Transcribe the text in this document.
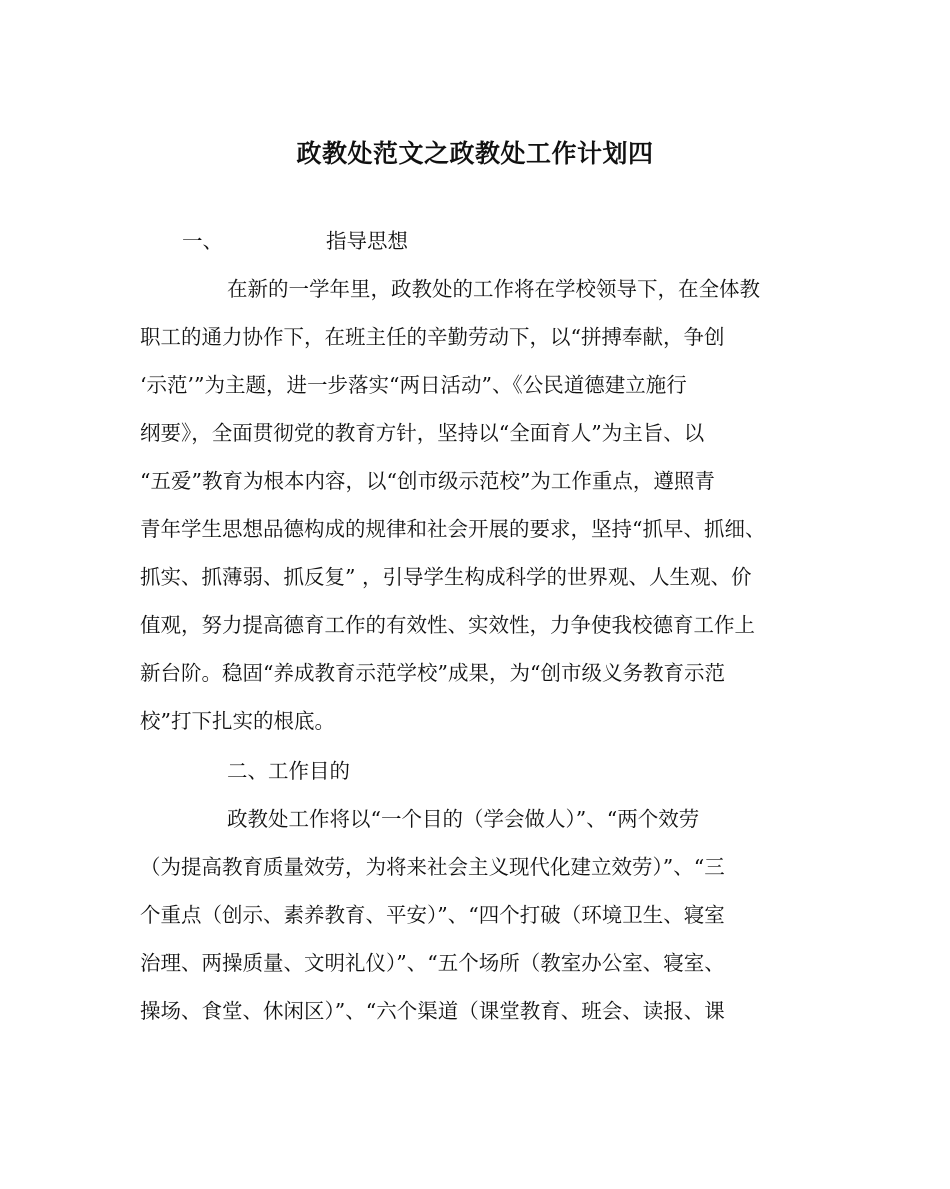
政教处范文之政教处工作计划四

一、	指导思想

在新的一学年里，政教处的工作将在学校领导下，在全体教

职工的通力协作下，在班主任的辛勤劳动下，以“拼搏奉献，争创

‘示范’”为主题，进一步落实“两日活动”、《公民道德建立施行

纲要》，全面贯彻党的教育方针，坚持以“全面育人”为主旨、以

“五爱”教育为根本内容，以“创市级示范校”为工作重点，遵照青

青年学生思想品德构成的规律和社会开展的要求，坚持“抓早、抓细、

抓实、抓薄弱、抓反复” ，引导学生构成科学的世界观、人生观、价

值观，努力提高德育工作的有效性、实效性，力争使我校德育工作上

新台阶。稳固“养成教育示范学校”成果，为“创市级义务教育示范

校”打下扎实的根底。

二、工作目的

政教处工作将以“一个目的（学会做人）”、“两个效劳

（为提高教育质量效劳，为将来社会主义现代化建立效劳）”、“三

个重点（创示、素养教育、平安）”、“四个打破（环境卫生、寝室

治理、两操质量、文明礼仪）”、“五个场所（教室办公室、寝室、

操场、食堂、休闲区）”、“六个渠道（课堂教育、班会、读报、课
